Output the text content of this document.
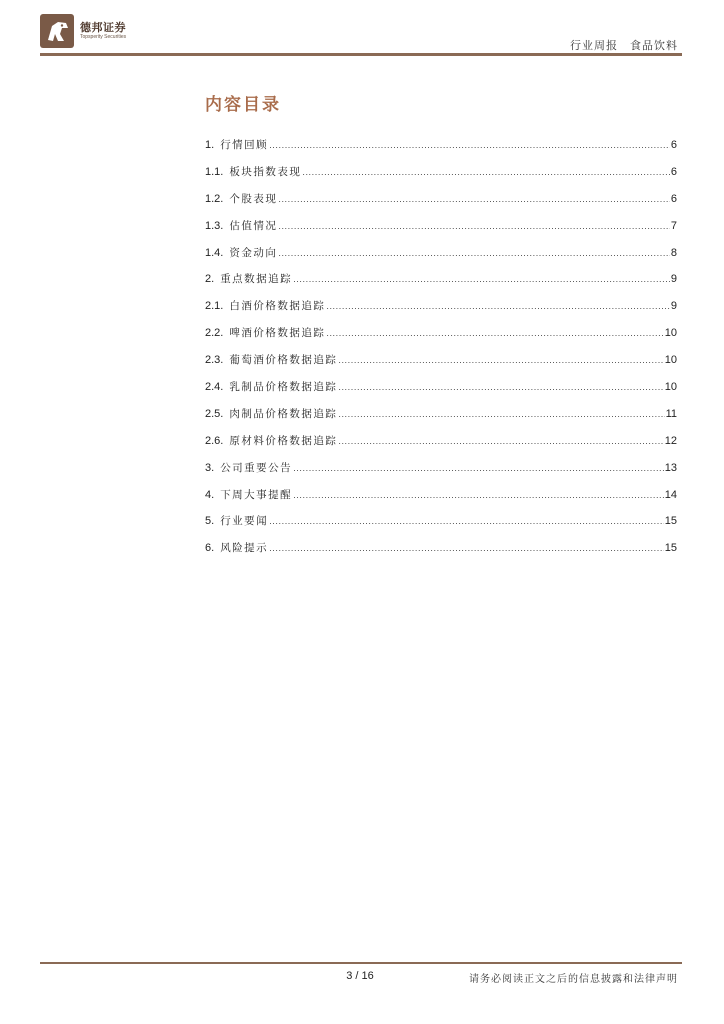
德邦证券
Topsperity Securities
行业周报 食品饮料
内容目录
1. 行情回顾 .....	6
1.1. 板块指数表现 .....	6
1.2. 个股表现 .....	6
1.3. 估值情况 .....	7
1.4. 资金动向 .....	8
2. 重点数据追踪 .....	9
2.1. 白酒价格数据追踪 .....	9
2.2. 啤酒价格数据追踪 .....	10
2.3. 葡萄酒价格数据追踪 .....	10
2.4. 乳制品价格数据追踪 .....	10
2.5. 肉制品价格数据追踪 .....	11
2.6. 原材料价格数据追踪 .....	12
3. 公司重要公告 .....	13
4. 下周大事提醒 .....	14
5. 行业要闻 .....	15
6. 风险提示 .....	15
3 / 16	请务必阅读正文之后的信息披露和法律声明
